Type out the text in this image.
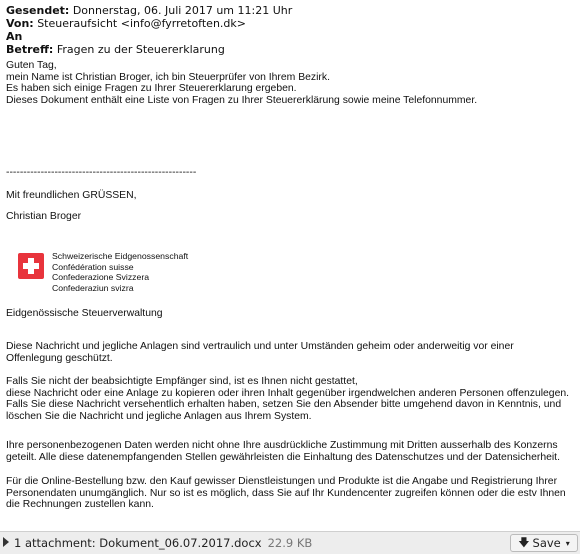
Gesendet: Donnerstag, 06. Juli 2017 um 11:21 Uhr
Von: Steueraufsicht <info@fyrretoften.dk>
An
Betreff: Fragen zu der Steuererklarung
Guten Tag,
mein Name ist Christian Broger, ich bin Steuerprüfer von Ihrem Bezirk.
Es haben sich einige Fragen zu Ihrer Steuererklarung ergeben.
Dieses Dokument enthält eine Liste von Fragen zu Ihrer Steuererklärung sowie meine Telefonnummer.
-------------------------------------------------------
Mit freundlichen GRÜSSEN,
Christian Broger
Schweizerische Eidgenossenschaft
Confédération suisse
Confederazione Svizzera
Confederaziun svizra
Eidgenössische Steuerverwaltung
Diese Nachricht und jegliche Anlagen sind vertraulich und unter Umständen geheim oder anderweitig vor einer Offenlegung geschützt.
Falls Sie nicht der beabsichtigte Empfänger sind, ist es Ihnen nicht gestattet,
diese Nachricht oder eine Anlage zu kopieren oder ihren Inhalt gegenüber irgendwelchen anderen Personen offenzulegen.
Falls Sie diese Nachricht versehentlich erhalten haben, setzen Sie den Absender bitte umgehend davon in Kenntnis, und löschen Sie die Nachricht und jegliche Anlagen aus Ihrem System.
Ihre personenbezogenen Daten werden nicht ohne Ihre ausdrückliche Zustimmung mit Dritten ausserhalb des Konzerns geteilt. Alle diese datenempfangenden Stellen gewährleisten die Einhaltung des Datenschutzes und der Datensicherheit.
Für die Online-Bestellung bzw. den Kauf gewisser Dienstleistungen und Produkte ist die Angabe und Registrierung Ihrer Personendaten unumgänglich. Nur so ist es möglich, dass Sie auf Ihr Kundencenter zugreifen können oder die estv Ihnen die Rechnungen zustellen kann.
1 attachment: Dokument_06.07.2017.docx 22.9 KB	🡇 Save ▾
